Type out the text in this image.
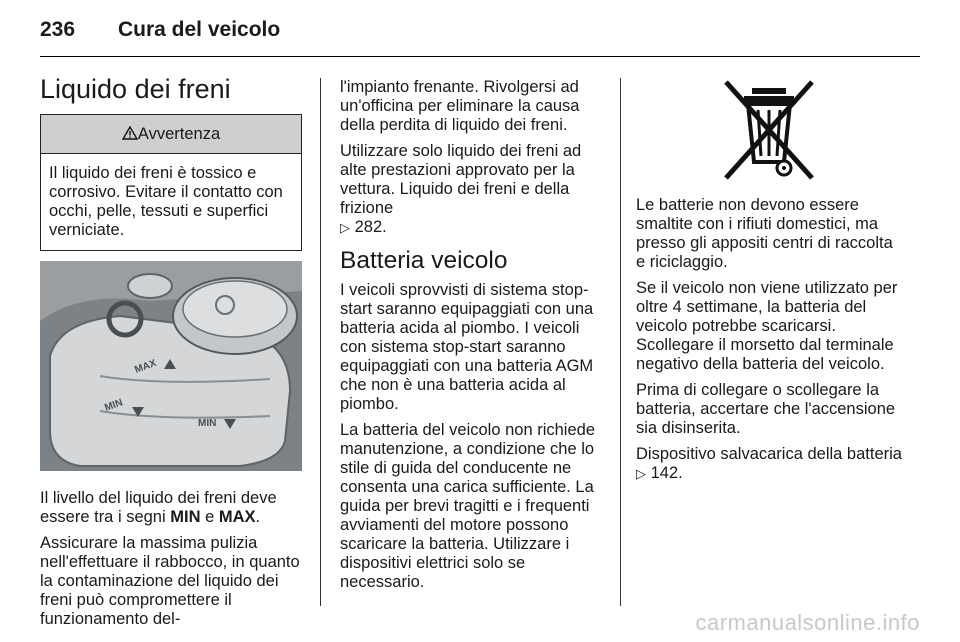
236 Cura del veicolo
Liquido dei freni
Avvertenza
Il liquido dei freni è tossico e corrosivo. Evitare il contatto con occhi, pelle, tessuti e superfici verniciate.
MAX
MIN
MIN

Il livello del liquido dei freni deve essere tra i segni MIN e MAX.

Assicurare la massima pulizia nell'effettuare il rabbocco, in quanto la contaminazione del liquido dei freni può compromettere il funzionamento del-

l'impianto frenante. Rivolgersi ad un'officina per eliminare la causa della perdita di liquido dei freni.

Utilizzare solo liquido dei freni ad alte prestazioni approvato per la vettura. Liquido dei freni e della frizione
▷ 282.

Batteria veicolo

I veicoli sprovvisti di sistema stop-start saranno equipaggiati con una batteria acida al piombo. I veicoli con sistema stop-start saranno equipaggiati con una batteria AGM che non è una batteria acida al piombo.

La batteria del veicolo non richiede manutenzione, a condizione che lo stile di guida del conducente ne consenta una carica sufficiente. La guida per brevi tragitti e i frequenti avviamenti del motore possono scaricare la batteria. Utilizzare i dispositivi elettrici solo se necessario.

Le batterie non devono essere smaltite con i rifiuti domestici, ma presso gli appositi centri di raccolta e riciclaggio.

Se il veicolo non viene utilizzato per oltre 4 settimane, la batteria del veicolo potrebbe scaricarsi. Scollegare il morsetto dal terminale negativo della batteria del veicolo.

Prima di collegare o scollegare la batteria, accertare che l'accensione sia disinserita.

Dispositivo salvacarica della batteria
▷ 142.

carmanualsonline.info
